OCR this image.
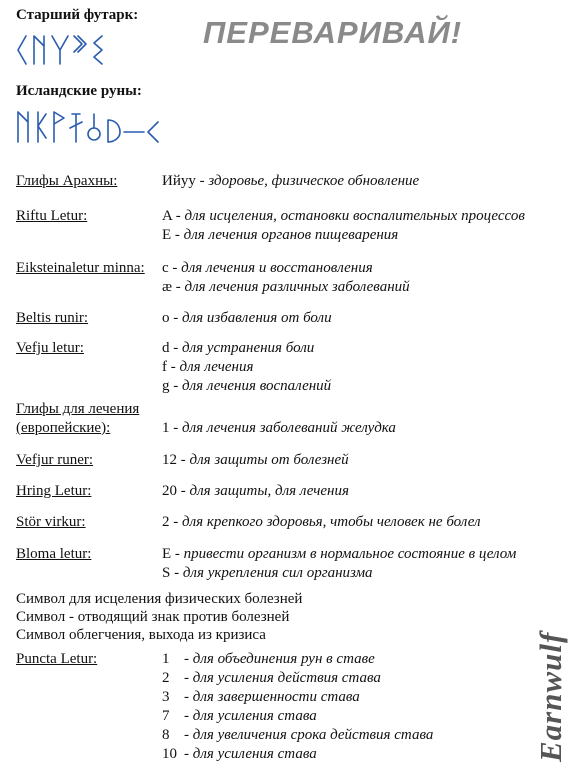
Старший футарк:
Исландские руны:
ПЕРЕВАРИВАЙ!
Глифы Арахны:	Ийуу - здоровье, физическое обновление
Riftu Letur:	A - для исцеления, остановки воспалительных процессов
E - для лечения органов пищеварения
Eiksteinaletur minna: c - для лечения и восстановления
æ - для лечения различных заболеваний
Beltis runir:	o - для избавления от боли
Vefju letur:	d - для устранения боли
f - для лечения
g - для лечения воспалений
Глифы для лечения
(европейские):	1 - для лечения заболеваний желудка
Vefjur runer:	12 - для защиты от болезней
Hring Letur:	20 - для защиты, для лечения
Stör virkur:	2 - для крепкого здоровья, чтобы человек не болел
Bloma letur:	E - привести организм в нормальное состояние в целом
S - для укрепления сил организма
Символ для исцеления физических болезней
Символ - отводящий знак против болезней
Символ облегчения, выхода из кризиса
Puncta Letur:	1 - для объединения рун в ставе
2 - для усиления действия става
3 - для завершенности става
7 - для усиления става
8 - для увеличения срока действия става
10 - для усиления става	Earnwulf
